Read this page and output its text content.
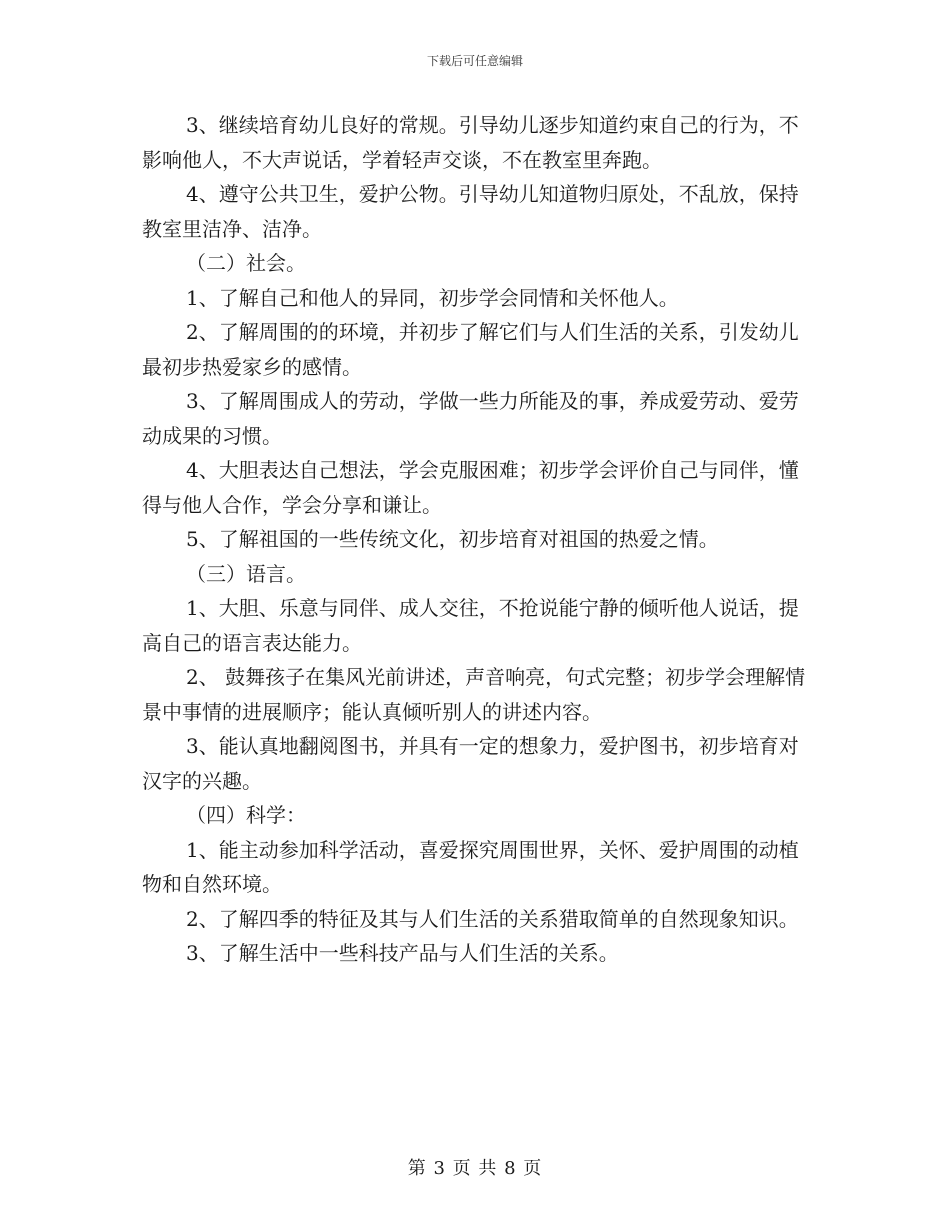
下载后可任意编辑

3、继续培育幼儿良好的常规。引导幼儿逐步知道约束自己的行为，不影响他人，不大声说话，学着轻声交谈，不在教室里奔跑。

4、遵守公共卫生，爱护公物。引导幼儿知道物归原处，不乱放，保持教室里洁净、洁净。

（二）社会。

1、了解自己和他人的异同，初步学会同情和关怀他人。

2、了解周围的的环境，并初步了解它们与人们生活的关系，引发幼儿最初步热爱家乡的感情。

3、了解周围成人的劳动，学做一些力所能及的事，养成爱劳动、爱劳动成果的习惯。

4、大胆表达自己想法，学会克服困难；初步学会评价自己与同伴，懂得与他人合作，学会分享和谦让。

5、了解祖国的一些传统文化，初步培育对祖国的热爱之情。

（三）语言。

1、大胆、乐意与同伴、成人交往，不抢说能宁静的倾听他人说话，提高自己的语言表达能力。

2、 鼓舞孩子在集风光前讲述，声音响亮，句式完整；初步学会理解情景中事情的进展顺序；能认真倾听别人的讲述内容。

3、能认真地翻阅图书，并具有一定的想象力，爱护图书，初步培育对汉字的兴趣。

（四）科学：

1、能主动参加科学活动，喜爱探究周围世界，关怀、爱护周围的动植物和自然环境。

2、了解四季的特征及其与人们生活的关系猎取简单的自然现象知识。

3、了解生活中一些科技产品与人们生活的关系。

第 3 页 共 8 页
